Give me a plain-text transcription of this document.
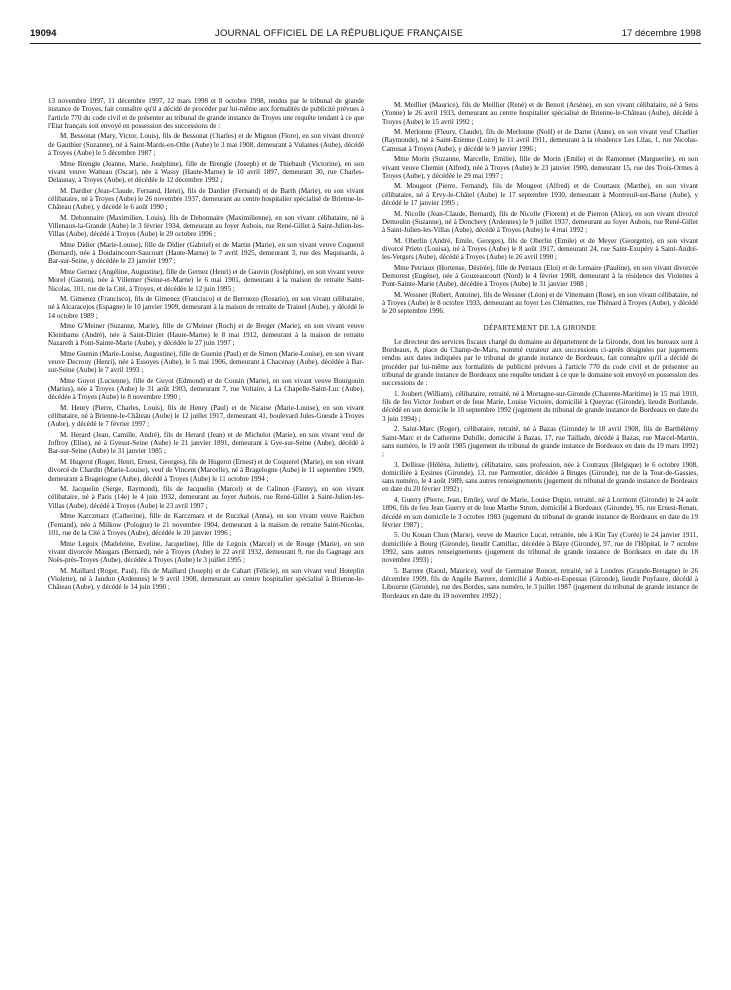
19094	JOURNAL OFFICIEL DE LA RÉPUBLIQUE FRANÇAISE	17 décembre 1998

13 novembre 1997, 11 décembre 1997, 12 mars 1998 et 8 octobre 1998, rendus par le tribunal de grande instance de Troyes, fait connaître qu'il a décidé de procéder par lui-même aux formalités de publicité prévues à l'article 770 du code civil et de présenter au tribunal de grande instance de Troyes une requête tendant à ce que l'Etat français soit envoyé en possession des successions de :

M. Bessonat (Mary, Victor, Louis), fils de Bessonat (Charles) et de Mignon (Flore), en son vivant divorcé de Gauthier (Suzanne), né à Saint-Mards-en-Othe (Aube) le 3 mai 1908, demeurant à Vulaines (Aube), décédé à Troyes (Aube) le 5 décembre 1987 ;

Mme Brengle (Jeanne, Marie, Joséphine), fille de Brengle (Joseph) et de Thiebault (Victorine), en son vivant veuve Watteau (Oscar), née à Wassy (Haute-Marne) le 10 avril 1897, demeurant 30, rue Charles-Delaunay, à Troyes (Aube), et décédée le 12 décembre 1992 ;

M. Dardier (Jean-Claude, Fernand, Henri), fils de Dardier (Fernand) et de Barth (Marie), en son vivant célibataire, né à Troyes (Aube) le 26 novembre 1937, demeurant au centre hospitalier spécialisé de Brienne-le-Château (Aube), y décédé le 6 août 1990 ;

M. Debonnaire (Maximilien, Louis), fils de Debonnaire (Maximilienne), en son vivant célibataire, né à Villenaux-la-Grande (Aube) le 3 février 1934, demeurant au foyer Aubois, rue René-Gillet à Saint-Julien-les-Villas (Aube), décédé à Troyes (Aube) le 29 octobre 1996 ;

Mme Didier (Marie-Louise), fille de Didier (Gabriel) et de Martin (Marie), en son vivant veuve Coquerel (Bernard), née à Doulaincourt-Saucourt (Haute-Marne) le 7 avril 1925, demeurant 3, rue des Maquisards, à Bar-sur-Seine, y décédée le 23 janvier 1997 ;

Mme Gernez (Angéline, Augustine), fille de Gernez (Henri) et de Gauvin (Joséphine), en son vivant veuve Morel (Gaston), née à Villemer (Seine-et-Marne) le 6 mai 1901, demeurant à la maison de retraite Saint-Nicolas, 101, rue de la Cité, à Troyes, et décédée le 12 juin 1995 ;

M. Gimenez (Francisco), fils de Gimenez (Francisco) et de Berruezo (Rosario), en son vivant célibataire, né à Alcaracejos (Espagne) le 10 janvier 1909, demeurant à la maison de retraite de Trainel (Aube), y décédé le 14 octobre 1989 ;

Mme G'Meiner (Suzanne, Marie), fille de G'Meiner (Roch) et de Breger (Marie), en son vivant veuve Kleinhams (André), née à Saint-Dizier (Haute-Marne) le 8 mai 1912, demeurant à la maison de retraite Nazareth à Pont-Sainte-Marie (Aube), y décédée le 27 juin 1997 ;

Mme Guenin (Marie-Louise, Augustine), fille de Guenin (Paul) et de Simon (Marie-Louise), en son vivant veuve Decrouy (Henri), née à Essoyes (Aube), le 5 mai 1906, demeurant à Chacenay (Aube), décédée à Bar-sur-Seine (Aube) le 7 avril 1993 ;

Mme Guyot (Lucienne), fille de Guyot (Edmond) et de Cousin (Marie), en son vivant veuve Bourgouin (Marius), née à Troyes (Aube) le 31 août 1903, demeurant 7, rue Voltaire, à La Chapelle-Saint-Luc (Aube), décédée à Troyes (Aube) le 8 novembre 1990 ;

M. Henry (Pierre, Charles, Louis), fils de Henry (Paul) et de Nicaise (Marie-Louise), en son vivant célibataire, né à Brienne-le-Château (Aube) le 12 juillet 1917, demeurant 41, boulevard Jules-Guesde à Troyes (Aube), y décédé le 7 février 1997 ;

M. Herard (Jean, Camille, André), fils de Herard (Jean) et de Michelot (Marie), en son vivant veuf de Joffroy (Elise), né à Gyesur-Seine (Aube) le 21 janvier 1891, demeurant à Gye-sur-Seine (Aube), décédé à Bar-sur-Seine (Aube) le 31 janvier 1985 ;

M. Hugerot (Roger, Henri, Ernest, Georges), fils de Hugerot (Ernest) et de Coquerel (Marie), en son vivant divorcé de Chardin (Marie-Louise), veuf de Vincent (Marcelle), né à Bragelogne (Aube) le 11 septembre 1909, demeurant à Bragelogne (Aube), décédé à Troyes (Aube) le 11 octobre 1994 ;

M. Jacquelin (Serge, Raymond), fils de Jacquelin (Marcel) et de Calinon (Fanny), en son vivant célibataire, né à Paris (14e) le 4 juin 1932, demeurant au foyer Aubois, rue René-Gillet à Saint-Julien-les-Villas (Aube), décédé à Troyes (Aube) le 23 avril 1997 ;

Mme Karczmarz (Catherine), fille de Karczmarz et de Ruczkal (Anna), en son vivant veuve Raichon (Fernand), née à Milkow (Pologne) le 21 novembre 1904, demeurant à la maison de retraite Saint-Nicolas, 101, rue de la Cité à Troyes (Aube), décédée le 20 janvier 1996 ;

Mme Legoix (Madeleine, Eveline, Jacqueline), fille de Legoix (Marcel) et de Rouge (Marie), en son vivant divorcée Maugars (Bernard), née à Troyes (Aube) le 22 avril 1932, demeurant 9, rue du Gagnage aux Noës-près-Troyes (Aube), décédée à Troyes (Aube) le 3 juillet 1995 ;

M. Maillard (Roger, Paul), fils de Maillard (Joseph) et de Cahart (Félicie), en son vivant veuf Hoteplin (Violette), né à Jandun (Ardennes) le 9 avril 1908, demeurant au centre hospitalier spécialisé à Brienne-le-Château (Aube), y décédé le 14 juin 1990 ;

M. Meillier (Maurice), fils de Meillier (René) et de Benoit (Arsène), en son vivant célibataire, né à Sens (Yonne) le 26 avril 1933, demeurant au centre hospitalier spécialisé de Brienne-le-Château (Aube), décédé à Troyes (Aube) le 15 avril 1992 ;

M. Merlonne (Fleury, Claude), fils de Merlonne (Noël) et de Darne (Anne), en son vivant veuf Charlier (Raymonde), né à Saint-Etienne (Loire) le 11 avril 1911, demeurant à la résidence Les Lilas, 1, rue Nicolas-Camusat à Troyes (Aube), y décédé le 9 janvier 1996 ;

Mme Morin (Suzanne, Marcelle, Emilie), fille de Morin (Emile) et de Ramonnet (Marguerite), en son vivant veuve Chemin (Alfred), née à Troyes (Aube) le 23 janvier 1900, demeurant 15, rue des Trois-Ormes à Troyes (Aube), y décédée le 29 mai 1997 ;

M. Mougeot (Pierre, Fernand), fils de Mougeot (Alfred) et de Courtaux (Marthe), en son vivant célibataire, né à Ervy-le-Châtel (Aube) le 17 septembre 1930, demeurant à Montreuil-sur-Barse (Aube), y décédé le 17 janvier 1995 ;

M. Nicolle (Jean-Claude, Bernard), fils de Nicolle (Florent) et de Pierron (Alice), en son vivant divorcé Demoulin (Suzanne), né à Donchery (Ardennes) le 9 juillet 1937, demeurant au foyer Aubois, rue René-Gillet à Saint-Julien-les-Villas (Aube), décédé à Troyes (Aube) le 4 mai 1992 ;

M. Oberlin (André, Emile, Georges), fils de Oberlin (Emile) et de Meyer (Georgette), en son vivant divorcé Prieto (Louisa), né à Troyes (Aube) le 8 août 1917, demeurant 24, rue Saint-Exupéry à Saint-André-les-Vergers (Aube), décédé à Troyes (Aube) le 26 avril 1990 ;

Mme Petriaux (Hortense, Désirée), fille de Petriaux (Eloi) et de Lemaire (Pauline), en son vivant divorcée Demorest (Eugène), née à Gouzeaucourt (Nord) le 4 février 1908, demeurant à la résidence des Violettes à Pont-Sainte-Marie (Aube), décédée à Troyes (Aube) le 31 janvier 1988 ;

M. Wessner (Robert, Antoine), fils de Wessner (Léon) et de Vittemann (Rose), en son vivant célibataire, né à Troyes (Aube) le 8 octobre 1933, demeurant au foyer Les Clématites, rue Thénard à Troyes (Aube), y décédé le 20 septembre 1996.

DÉPARTEMENT DE LA GIRONDE

Le directeur des services fiscaux chargé du domaine au département de la Gironde, dont les bureaux sont à Bordeaux, 8, place du Champ-de-Mars, nommé curateur aux successions ci-après désignées par jugements rendus aux dates indiquées par le tribunal de grande instance de Bordeaux, fait connaître qu'il a décidé de procéder par lui-même aux formalités de publicité prévues à l'article 770 du code civil et de présenter au tribunal de grande instance de Bordeaux une requête tendant à ce que le domaine soit envoyé en possession des successions de :

1. Joubert (William), célibataire, retraité, né à Mortagne-sur-Gironde (Charente-Maritime) le 15 mai 1910, fils de feu Victor Joubert et de feue Marie, Louise Victoire, domicilié à Queyrac (Gironde), lieudit Borilande, décédé en son domicile le 10 septembre 1992 (jugement du tribunal de grande instance de Bordeaux en date du 3 juin 1994) ;

2. Saint-Marc (Roger), célibataire, retraité, né à Bazas (Gironde) le 18 avril 1908, fils de Barthélémy Saint-Marc et de Catherine Dubille, domicilié à Bazas, 17, rue Taillade, décédé à Bazas, rue Marcel-Martin, sans numéro, le 19 août 1985 (jugement du tribunal de grande instance de Bordeaux en date du 19 mars 1992) ;

3. Dellisse (Héléna, Juliette), célibataire, sans profession, née à Coutraux (Belgique) le 6 octobre 1908, domiciliée à Eysines (Gironde), 13, rue Parmentier, décédée à Bruges (Gironde), rue de la Tour-de-Gassies, sans numéro, le 4 août 1989, sans autres renseignements (jugement du tribunal de grande instance de Bordeaux en date du 20 février 1992) ;

4. Guerry (Pierre, Jean, Emile), veuf de Marie, Louise Dupin, retraité, né à Lormont (Gironde) le 24 août 1896, fils de feu Jean Guerry et de feue Marthe Strom, domicilié à Bordeaux (Gironde), 95, rue Ernest-Renan, décédé en son domicile le 3 octobre 1983 (jugement du tribunal de grande instance de Bordeaux en date du 19 février 1987) ;

5. Ou Kouan Chun (Marie), veuve de Maurice Lucat, retraitée, née à Kin Tay (Corée) le 24 janvier 1911, domiciliée à Bourg (Gironde), lieudit Camillac, décédée à Blaye (Gironde), 97, rue de l'Hôpital, le 7 octobre 1992, sans autres renseignements (jugement du tribunal de grande instance de Bordeaux en date du 18 novembre 1993) ;

5. Barrere (Raoul, Maurice), veuf de Germaine Roncet, retraité, né à Londres (Grande-Bretagne) le 26 décembre 1909, fils de Angèle Barrere, domicilié à Aubie-et-Espessas (Gironde), lieudit Puyfaure, décédé à Libourne (Gironde), rue des Bordes, sans numéro, le 3 juillet 1987 (jugement du tribunal de grande instance de Bordeaux en date du 19 novembre 1992) ;
